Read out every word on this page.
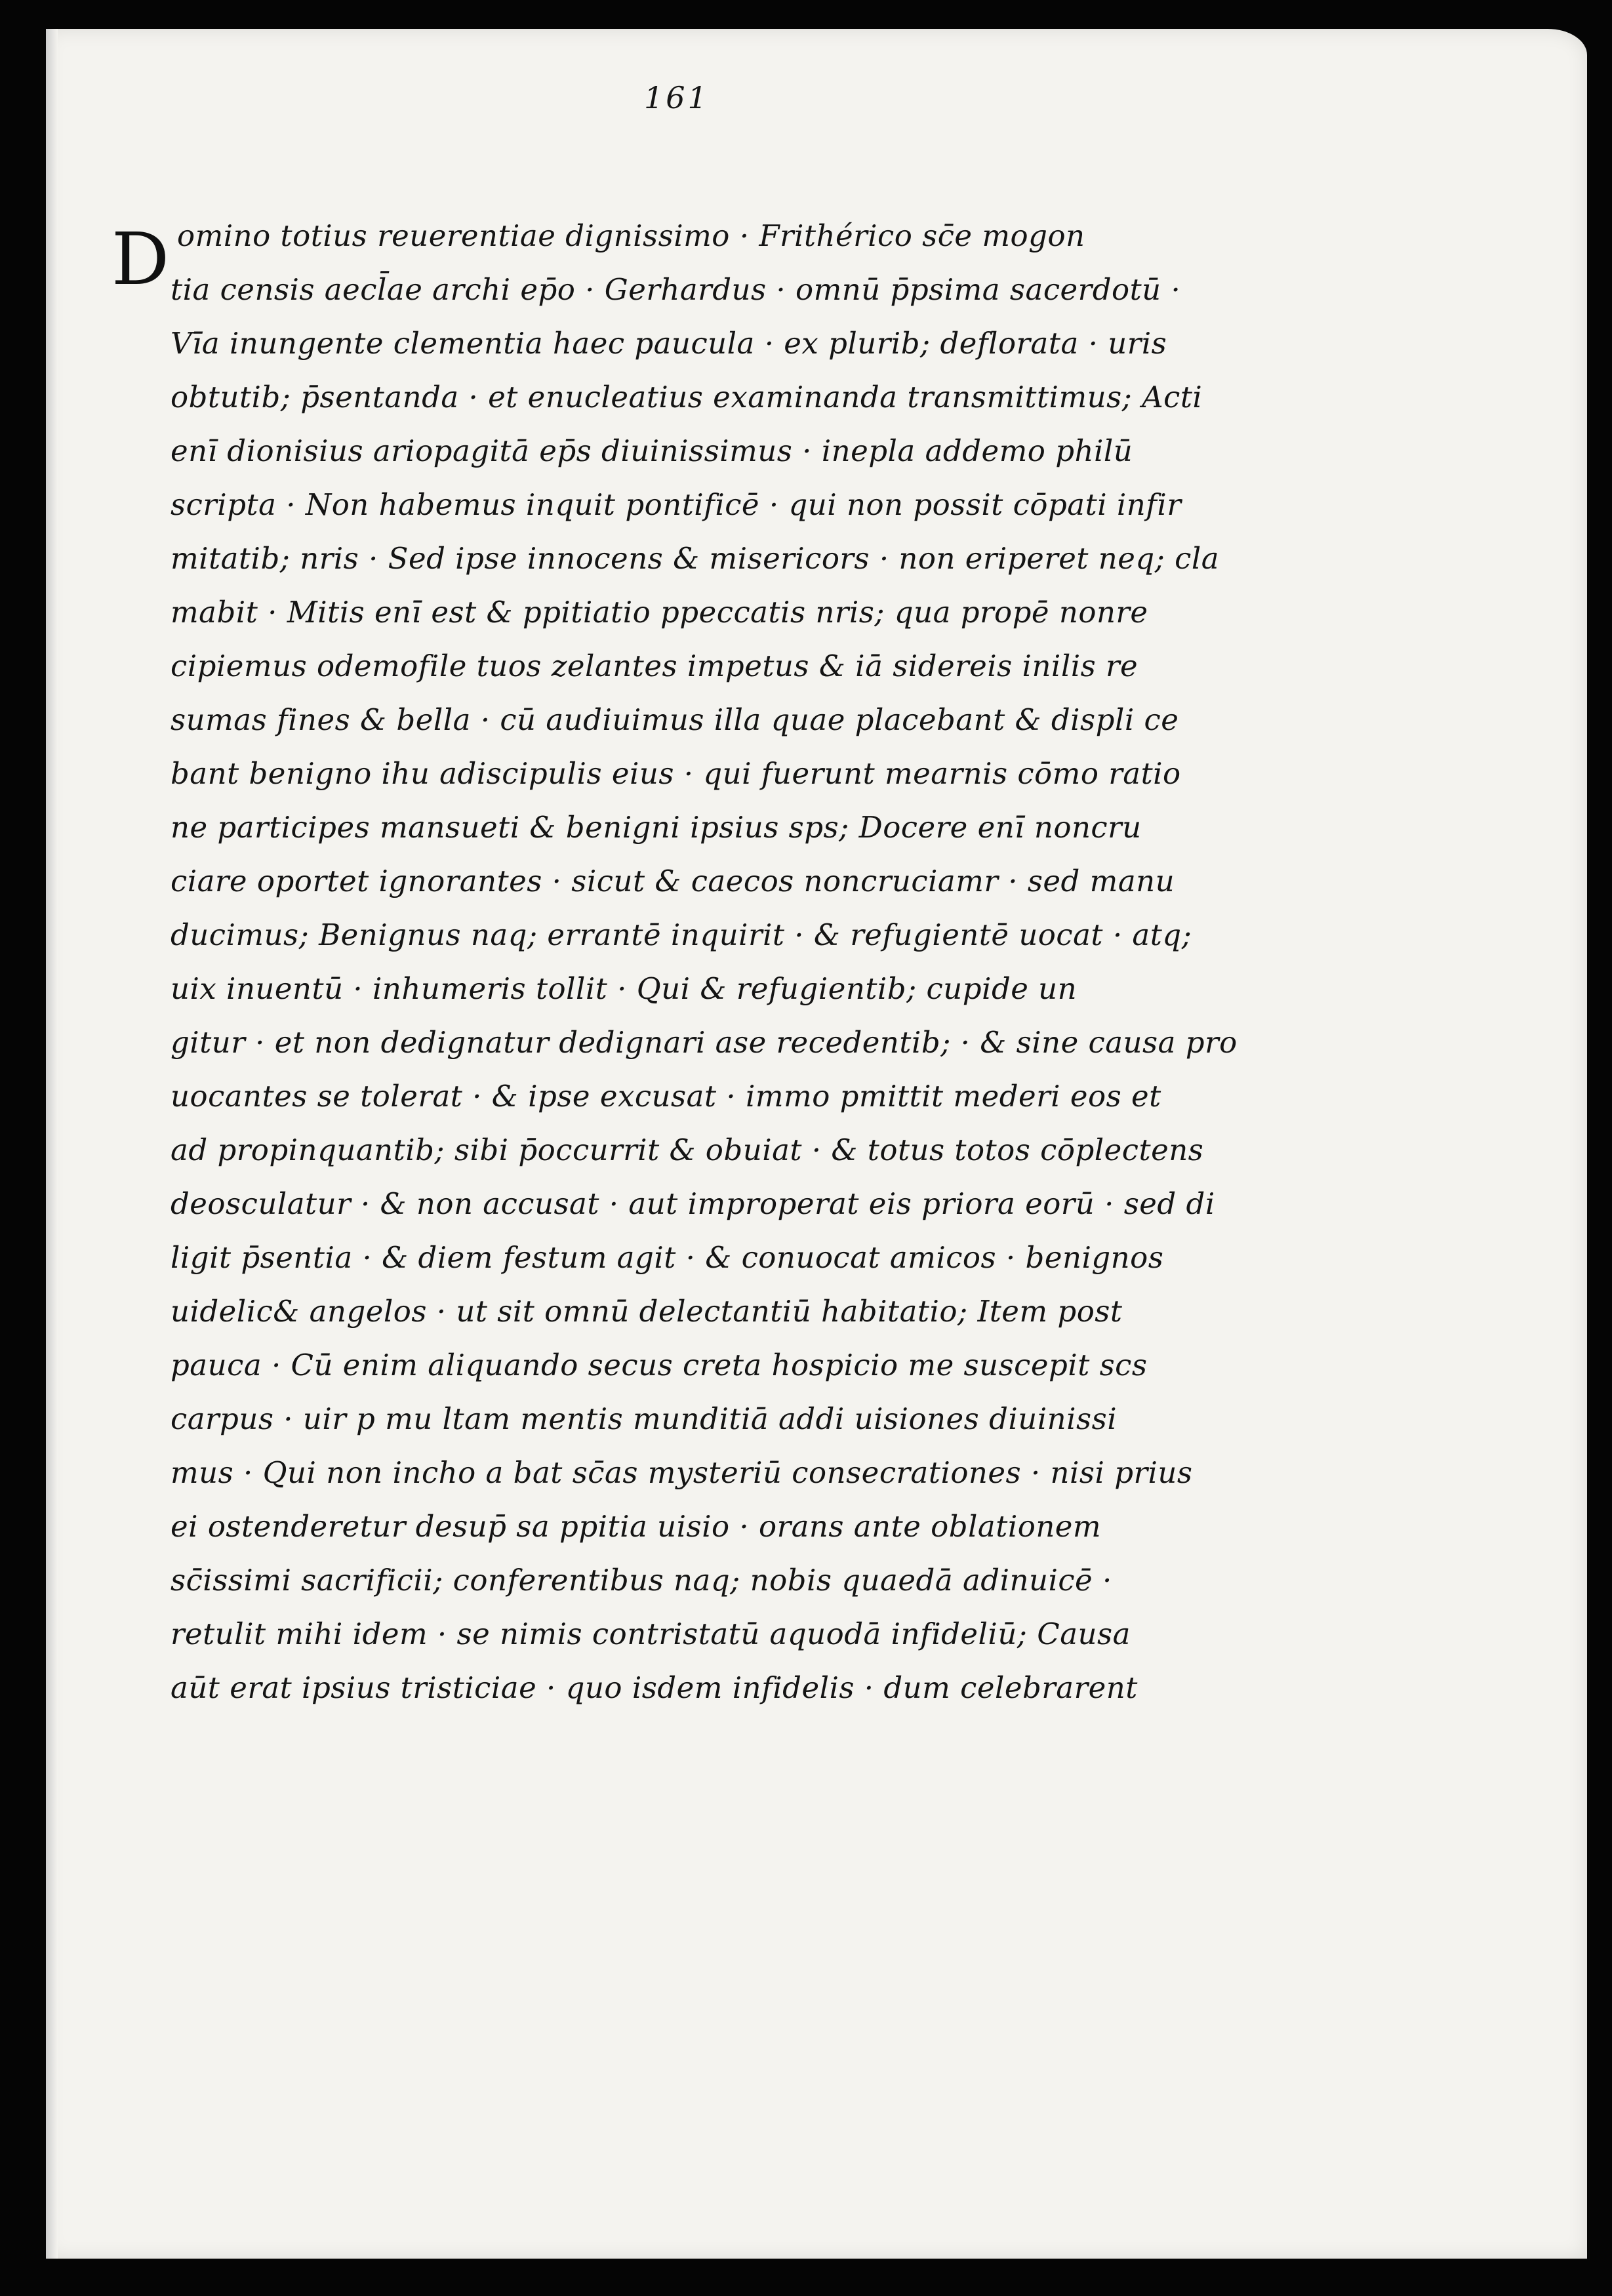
161
D omino totius reuerentiae dignissimo · Frithérico sc̄e mogon
tia censis aecl̄ae archi ep̄o · Gerhardus · omnū p̄psima sacerdotū ·
Vīa inungente clementia haec paucula · ex plurib; deflorata · uris
obtutib; p̄sentanda · et enucleatius examinanda transmittimus; Acti
enī dionisius ariopagitā ep̄s diuinissimus · inepla addemo philū
scripta · Non habemus inquit pontificē · qui non possit cōpati infir
mitatib; nris · Sed ipse innocens & misericors · non eriperet neq; cla
mabit · Mitis enī est & ppitiatio ppeccatis nris; qua propē nonre
cipiemus odemofile tuos zelantes impetus & iā sidereis inilis re
sumas fines & bella · cū audiuimus illa quae placebant & displi ce
bant benigno ihu adiscipulis eius · qui fuerunt mearnis cōmo ratio
ne participes mansueti & benigni ipsius sps; Docere enī noncru
ciare oportet ignorantes · sicut & caecos noncruciamr · sed manu
ducimus; Benignus naq; errantē inquirit · & refugientē uocat · atq;
uix inuentū · inhumeris tollit · Qui & refugientib; cupide un
gitur · et non dedignatur dedignari ase recedentib; · & sine causa pro
uocantes se tolerat · & ipse excusat · immo pmittit mederi eos et
ad propinquantib; sibi p̄occurrit & obuiat · & totus totos cōplectens
deosculatur · & non accusat · aut improperat eis priora eorū · sed di
ligit p̄sentia · & diem festum agit · & conuocat amicos · benignos
uidelic& angelos · ut sit omnū delectantiū habitatio; Item post
pauca · Cū enim aliquando secus creta hospicio me suscepit scs
carpus · uir p mu ltam mentis munditiā addi uisiones diuinissi
mus · Qui non incho a bat sc̄as mysteriū consecrationes · nisi prius
ei ostenderetur desup̄ sa ppitia uisio · orans ante oblationem
sc̄issimi sacrificii; conferentibus naq; nobis quaedā adinuicē ·
retulit mihi idem · se nimis contristatū aquodā infideliū; Causa
aūt erat ipsius tristiciae · quo isdem infidelis · dum celebrarent
